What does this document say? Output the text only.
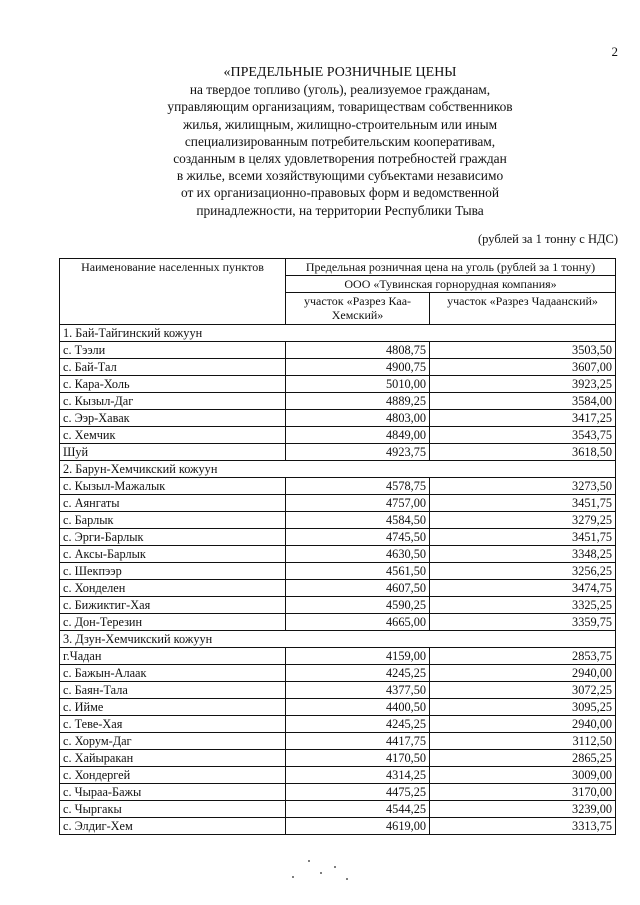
2
«ПРЕДЕЛЬНЫЕ РОЗНИЧНЫЕ ЦЕНЫ
на твердое топливо (уголь), реализуемое гражданам,
управляющим организациям, товариществам собственников
жилья, жилищным, жилищно-строительным или иным
специализированным потребительским кооперативам,
созданным в целях удовлетворения потребностей граждан
в жилье, всеми хозяйствующими субъектами независимо
от их организационно-правовых форм и ведомственной
принадлежности, на территории Республики Тыва
(рублей за 1 тонну с НДС)
Наименование населенных пунктов	Предельная розничная цена на уголь (рублей за 1 тонну)	
	ООО «Тувинская горнорудная компания»	
	участок «Разрез Каа-Хемский»	участок «Разрез Чадаанский»
1. Бай-Тайгинский кожуун		
с. Тээли	4808,75	3503,50
с. Бай-Тал	4900,75	3607,00
с. Кара-Холь	5010,00	3923,25
с. Кызыл-Даг	4889,25	3584,00
с. Ээр-Хавак	4803,00	3417,25
с. Хемчик	4849,00	3543,75
Шуй	4923,75	3618,50
2. Барун-Хемчикский кожуун		
с. Кызыл-Мажалык	4578,75	3273,50
с. Аянгаты	4757,00	3451,75
с. Барлык	4584,50	3279,25
с. Эрги-Барлык	4745,50	3451,75
с. Аксы-Барлык	4630,50	3348,25
с. Шекпээр	4561,50	3256,25
с. Хонделен	4607,50	3474,75
с. Бижиктиг-Хая	4590,25	3325,25
с. Дон-Терезин	4665,00	3359,75
3. Дзун-Хемчикский кожуун		
г.Чадан	4159,00	2853,75
с. Бажын-Алаак	4245,25	2940,00
с. Баян-Тала	4377,50	3072,25
с. Ийме	4400,50	3095,25
с. Теве-Хая	4245,25	2940,00
с. Хорум-Даг	4417,75	3112,50
с. Хайыракан	4170,50	2865,25
с. Хондергей	4314,25	3009,00
с. Чыраа-Бажы	4475,25	3170,00
с. Чыргакы	4544,25	3239,00
с. Элдиг-Хем	4619,00	3313,75
